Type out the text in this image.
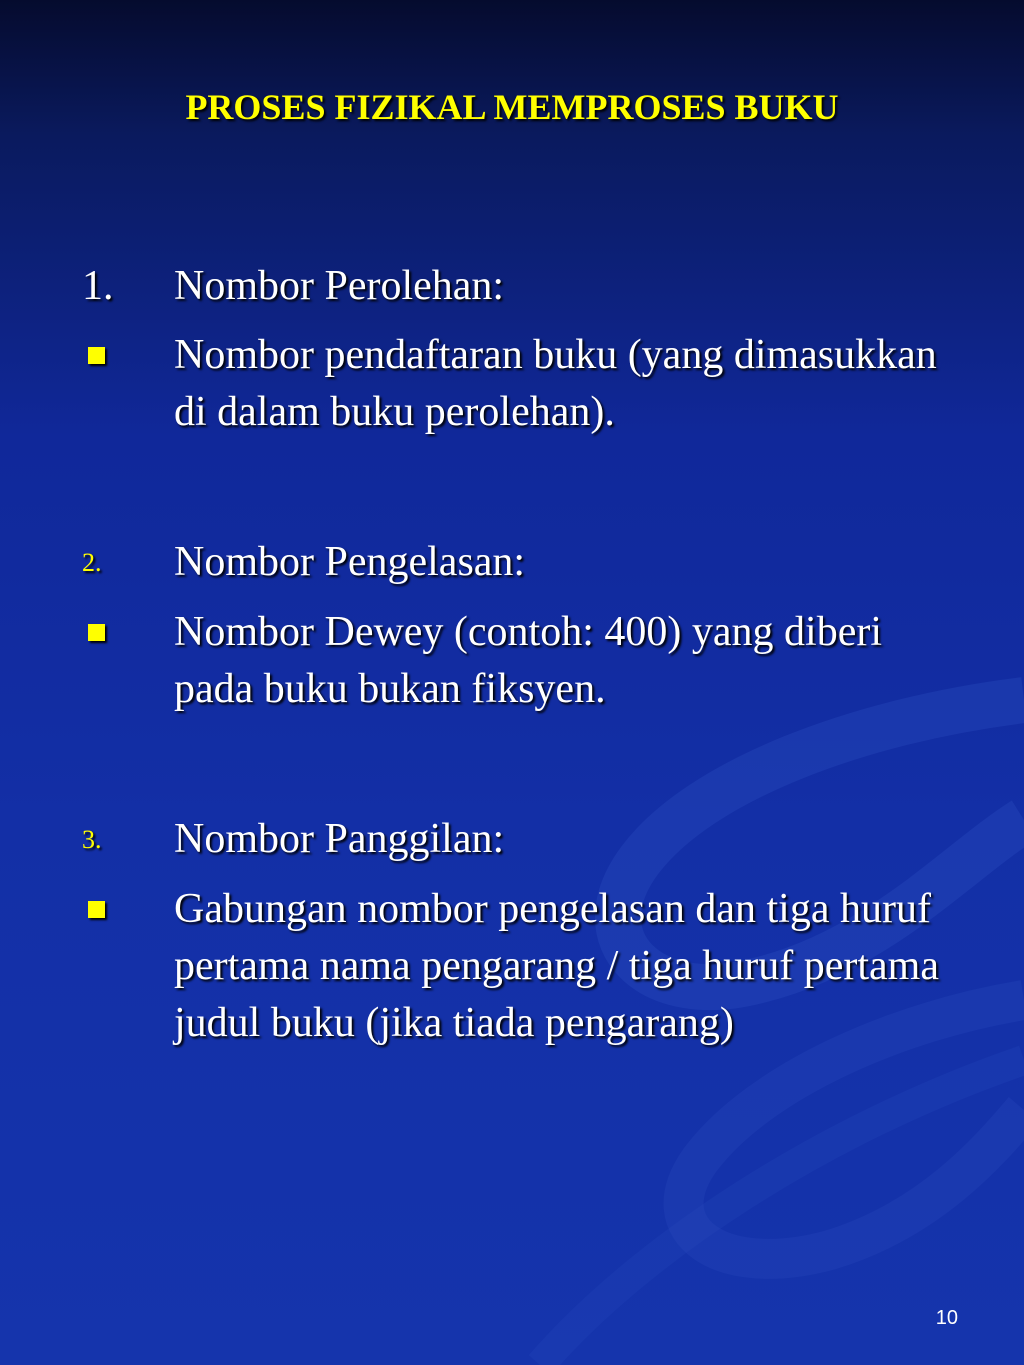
PROSES FIZIKAL MEMPROSES BUKU
1. Nombor Perolehan:
Nombor pendaftaran buku (yang dimasukkan di dalam buku perolehan).
2. Nombor Pengelasan:
Nombor Dewey (contoh: 400) yang diberi pada buku bukan fiksyen.
3. Nombor Panggilan:
Gabungan nombor pengelasan dan tiga huruf pertama nama pengarang / tiga huruf pertama judul buku (jika tiada pengarang)
10
